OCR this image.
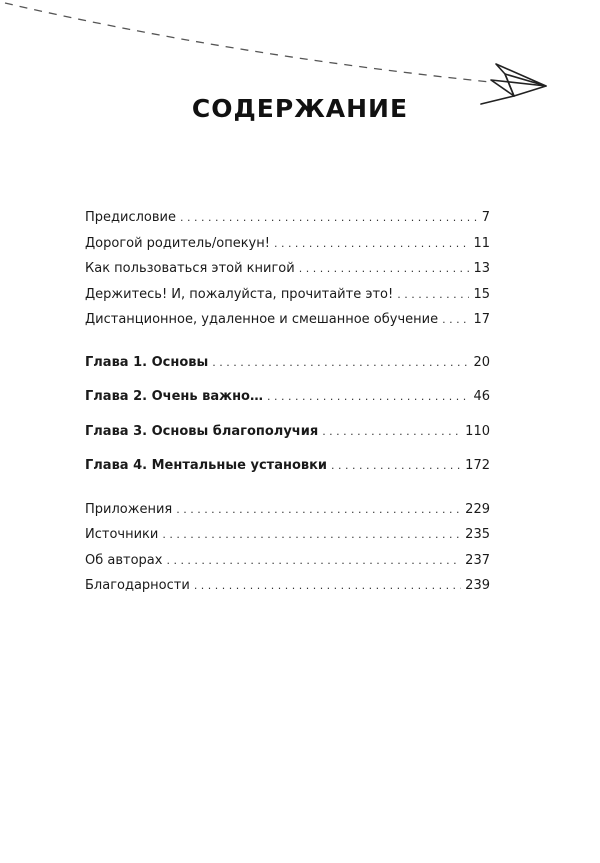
СОДЕРЖАНИЕ
Предисловие . . .	7
Дорогой родитель/опекун! . . .	11
Как пользоваться этой книгой . . .	13
Держитесь! И, пожалуйста, прочитайте это! . . .	15
Дистанционное, удаленное и смешанное обучение . . .	17
Глава 1. Основы . . .	20
Глава 2. Очень важно… . . .	46
Глава 3. Основы благополучия . . .	110
Глава 4. Ментальные установки . . .	172
Приложения . . .	229
Источники . . .	235
Об авторах . . .	237
Благодарности . . .	239
